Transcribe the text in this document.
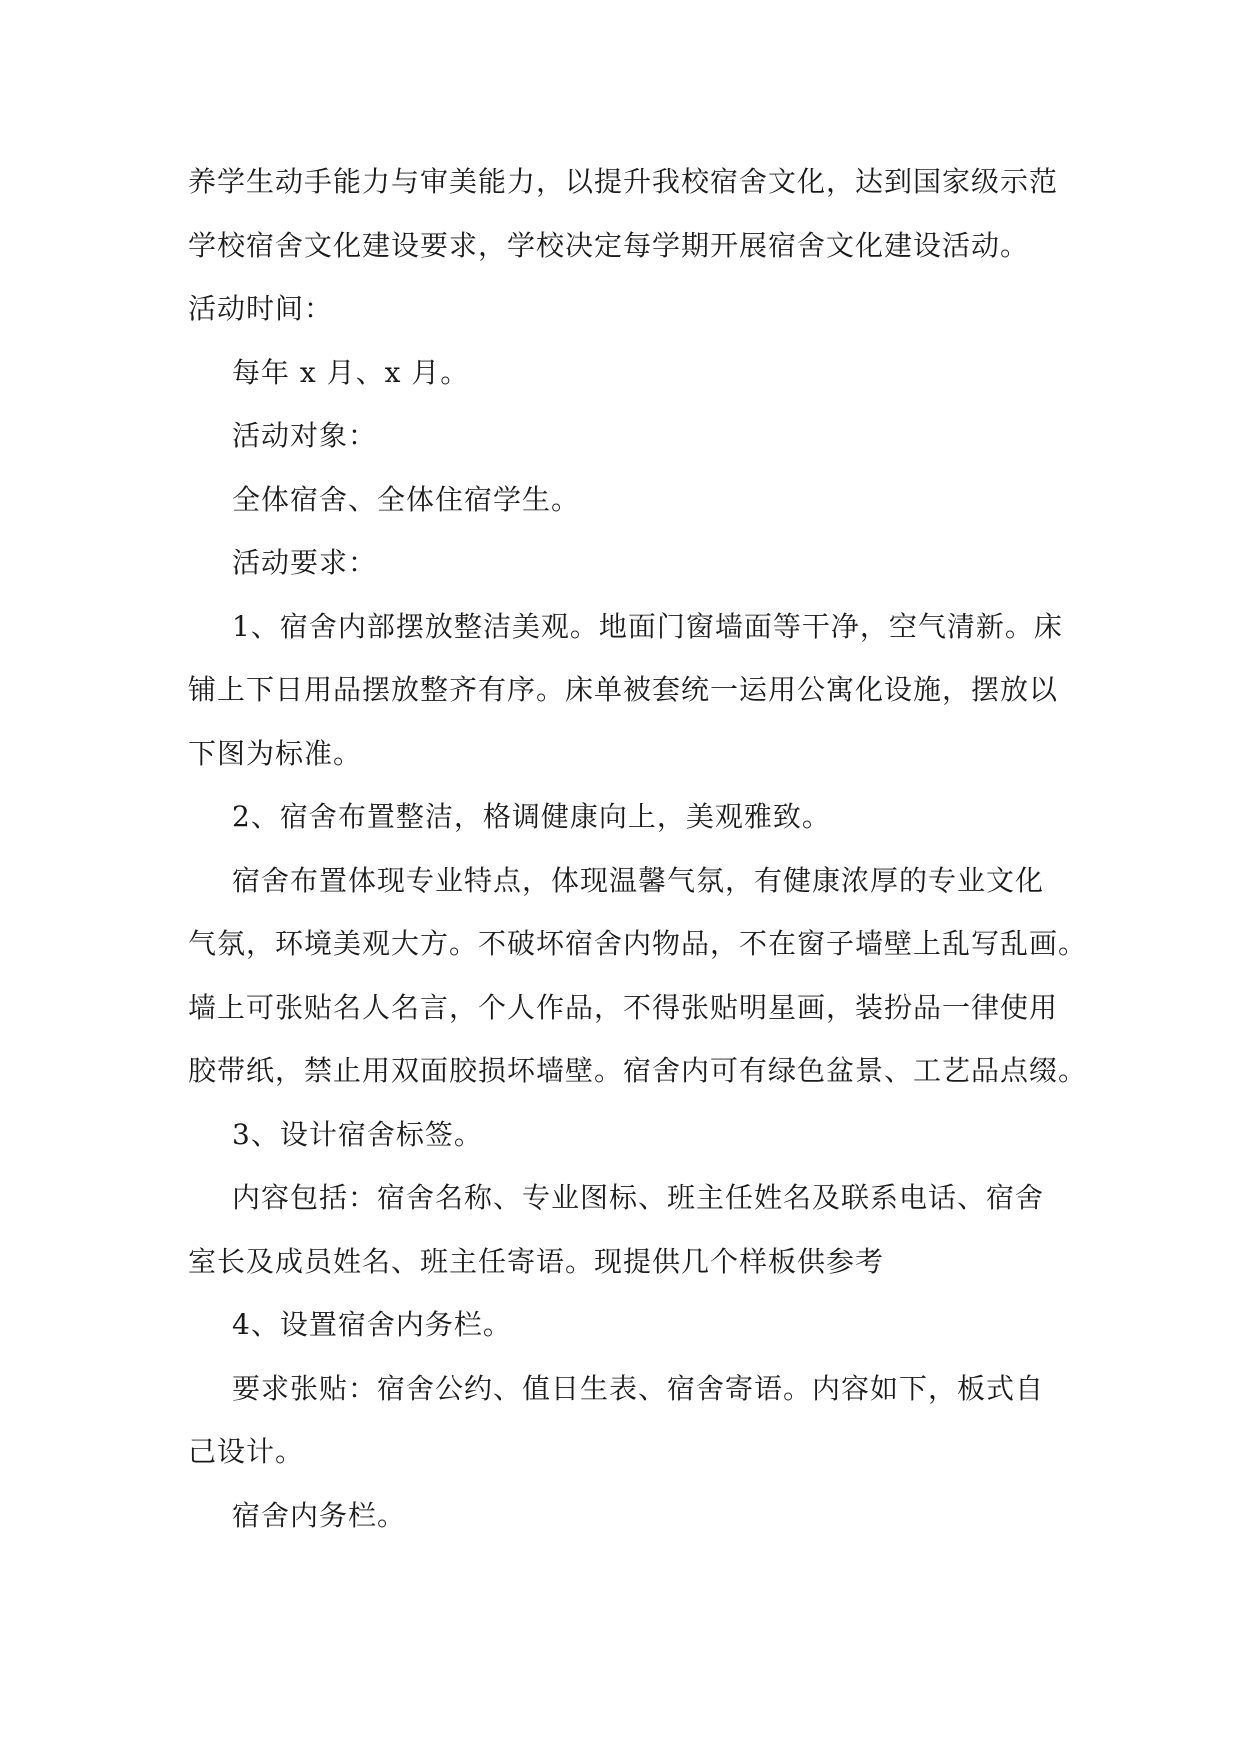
养学生动手能力与审美能力，以提升我校宿舍文化，达到国家级示范
学校宿舍文化建设要求，学校决定每学期开展宿舍文化建设活动。
活动时间：
每年 x 月、x 月。
活动对象：
全体宿舍、全体住宿学生。
活动要求：
1、宿舍内部摆放整洁美观。地面门窗墙面等干净，空气清新。床
铺上下日用品摆放整齐有序。床单被套统一运用公寓化设施，摆放以
下图为标准。
2、宿舍布置整洁，格调健康向上，美观雅致。
宿舍布置体现专业特点，体现温馨气氛，有健康浓厚的专业文化
气氛，环境美观大方。不破坏宿舍内物品，不在窗子墙壁上乱写乱画。
墙上可张贴名人名言，个人作品，不得张贴明星画，装扮品一律使用
胶带纸，禁止用双面胶损坏墙壁。宿舍内可有绿色盆景、工艺品点缀。
3、设计宿舍标签。
内容包括：宿舍名称、专业图标、班主任姓名及联系电话、宿舍
室长及成员姓名、班主任寄语。现提供几个样板供参考
4、设置宿舍内务栏。
要求张贴：宿舍公约、值日生表、宿舍寄语。内容如下，板式自
己设计。
宿舍内务栏。
